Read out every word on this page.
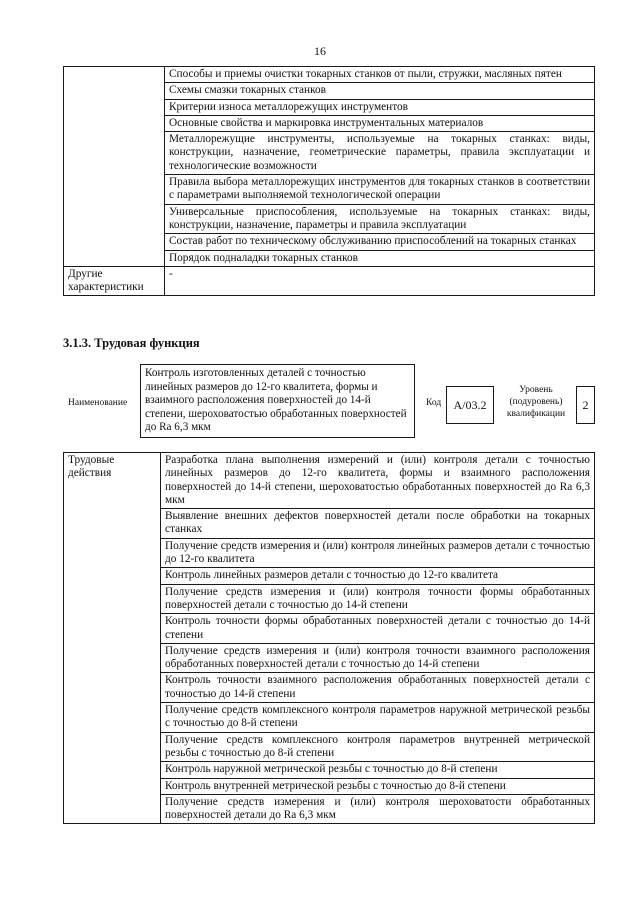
16
	Способы и приемы очистки токарных станков от пыли, стружки, масляных пятен
	Схемы смазки токарных станков
	Критерии износа металлорежущих инструментов
	Основные свойства и маркировка инструментальных материалов
	Металлорежущие инструменты, используемые на токарных станках: виды, конструкции, назначение, геометрические параметры, правила эксплуатации и технологические возможности
	Правила выбора металлорежущих инструментов для токарных станков в соответствии с параметрами выполняемой технологической операции
	Универсальные приспособления, используемые на токарных станках: виды, конструкции, назначение, параметры и правила эксплуатации
	Состав работ по техническому обслуживанию приспособлений на токарных станках
	Порядок подналадки токарных станков
Другие характеристики	-
3.1.3. Трудовая функция
Наименование
Контроль изготовленных деталей с точностью линейных размеров до 12-го квалитета, формы и взаимного расположения поверхностей до 14-й степени, шероховатостью обработанных поверхностей до Ra 6,3 мкм
Код	A/03.2
Уровень (подуровень) квалификации
2
Трудовые действия	Разработка плана выполнения измерений и (или) контроля детали с точностью линейных размеров до 12-го квалитета, формы и взаимного расположения поверхностей до 14-й степени, шероховатостью обработанных поверхностей до Ra 6,3 мкм
Выявление внешних дефектов поверхностей детали после обработки на токарных станках
Получение средств измерения и (или) контроля линейных размеров детали с точностью до 12-го квалитета
Контроль линейных размеров детали с точностью до 12-го квалитета
Получение средств измерения и (или) контроля точности формы обработанных поверхностей детали с точностью до 14-й степени
Контроль точности формы обработанных поверхностей детали с точностью до 14-й степени
Получение средств измерения и (или) контроля точности взаимного расположения обработанных поверхностей детали с точностью до 14-й степени
Контроль точности взаимного расположения обработанных поверхностей детали с точностью до 14-й степени
Получение средств комплексного контроля параметров наружной метрической резьбы с точностью до 8-й степени
Получение средств комплексного контроля параметров внутренней метрической резьбы с точностью до 8-й степени
Контроль наружной метрической резьбы с точностью до 8-й степени
Контроль внутренней метрической резьбы с точностью до 8-й степени
Получение средств измерения и (или) контроля шероховатости обработанных поверхностей детали до Ra 6,3 мкм
